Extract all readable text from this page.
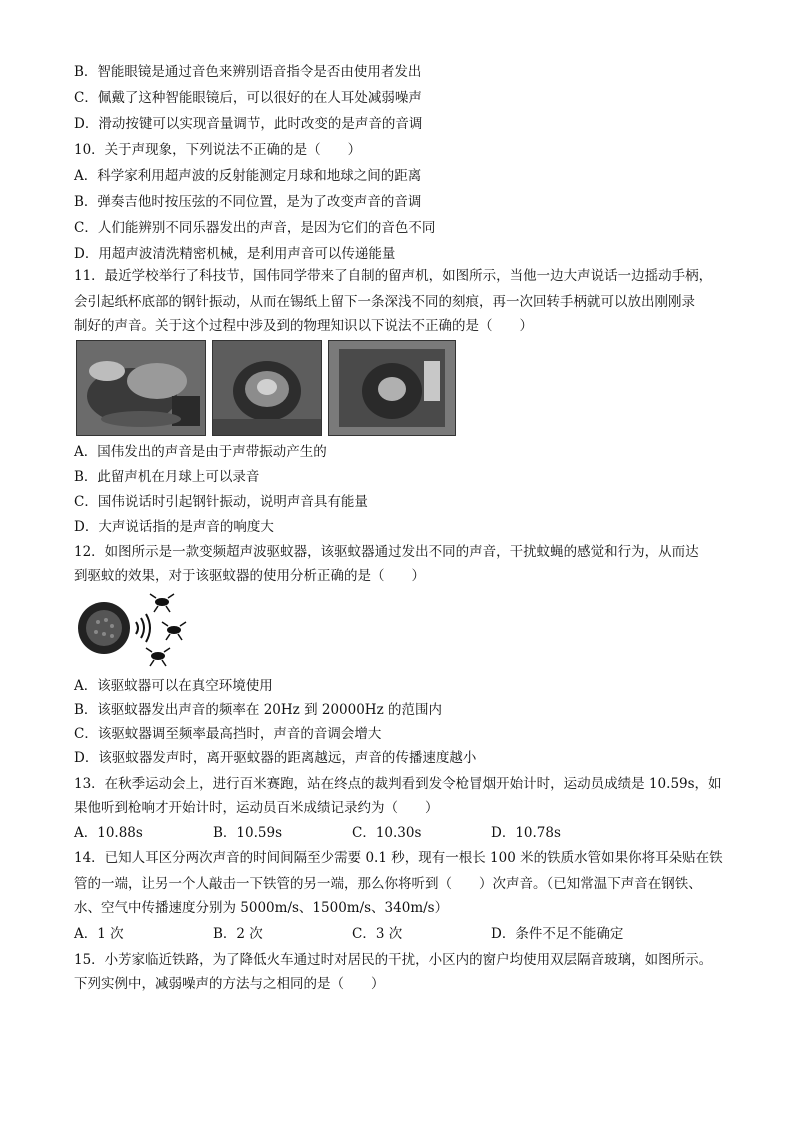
B．智能眼镜是通过音色来辨别语音指令是否由使用者发出
C．佩戴了这种智能眼镜后，可以很好的在人耳处减弱噪声
D．滑动按键可以实现音量调节，此时改变的是声音的音调
10．关于声现象，下列说法不正确的是（　　）
A．科学家利用超声波的反射能测定月球和地球之间的距离
B．弹奏吉他时按压弦的不同位置，是为了改变声音的音调
C．人们能辨别不同乐器发出的声音，是因为它们的音色不同
D．用超声波清洗精密机械，是利用声音可以传递能量
11．最近学校举行了科技节，国伟同学带来了自制的留声机，如图所示，当他一边大声说话一边摇动手柄，
会引起纸杯底部的钢针振动，从而在锡纸上留下一条深浅不同的刻痕，再一次回转手柄就可以放出刚刚录
制好的声音。关于这个过程中涉及到的物理知识以下说法不正确的是（　　）
A．国伟发出的声音是由于声带振动产生的
B．此留声机在月球上可以录音
C．国伟说话时引起钢针振动，说明声音具有能量
D．大声说话指的是声音的响度大
12．如图所示是一款变频超声波驱蚊器，该驱蚊器通过发出不同的声音，干扰蚊蝇的感觉和行为，从而达
到驱蚊的效果，对于该驱蚊器的使用分析正确的是（　　）
A．该驱蚊器可以在真空环境使用
B．该驱蚊器发出声音的频率在 20Hz 到 20000Hz 的范围内
C．该驱蚊器调至频率最高挡时，声音的音调会增大
D．该驱蚊器发声时，离开驱蚊器的距离越远，声音的传播速度越小
13．在秋季运动会上，进行百米赛跑，站在终点的裁判看到发令枪冒烟开始计时，运动员成绩是 10.59s，如
果他听到枪响才开始计时，运动员百米成绩记录约为（　　）
A．10.88s	B．10.59s	C．10.30s	D．10.78s
14．已知人耳区分两次声音的时间间隔至少需要 0.1 秒，现有一根长 100 米的铁质水管如果你将耳朵贴在铁
管的一端，让另一个人敲击一下铁管的另一端，那么你将听到（　　）次声音。（已知常温下声音在钢铁、
水、空气中传播速度分别为 5000m/s、1500m/s、340m/s）
A．1 次	B．2 次	C．3 次	D．条件不足不能确定
15．小芳家临近铁路，为了降低火车通过时对居民的干扰，小区内的窗户均使用双层隔音玻璃，如图所示。
下列实例中，减弱噪声的方法与之相同的是（　　）
